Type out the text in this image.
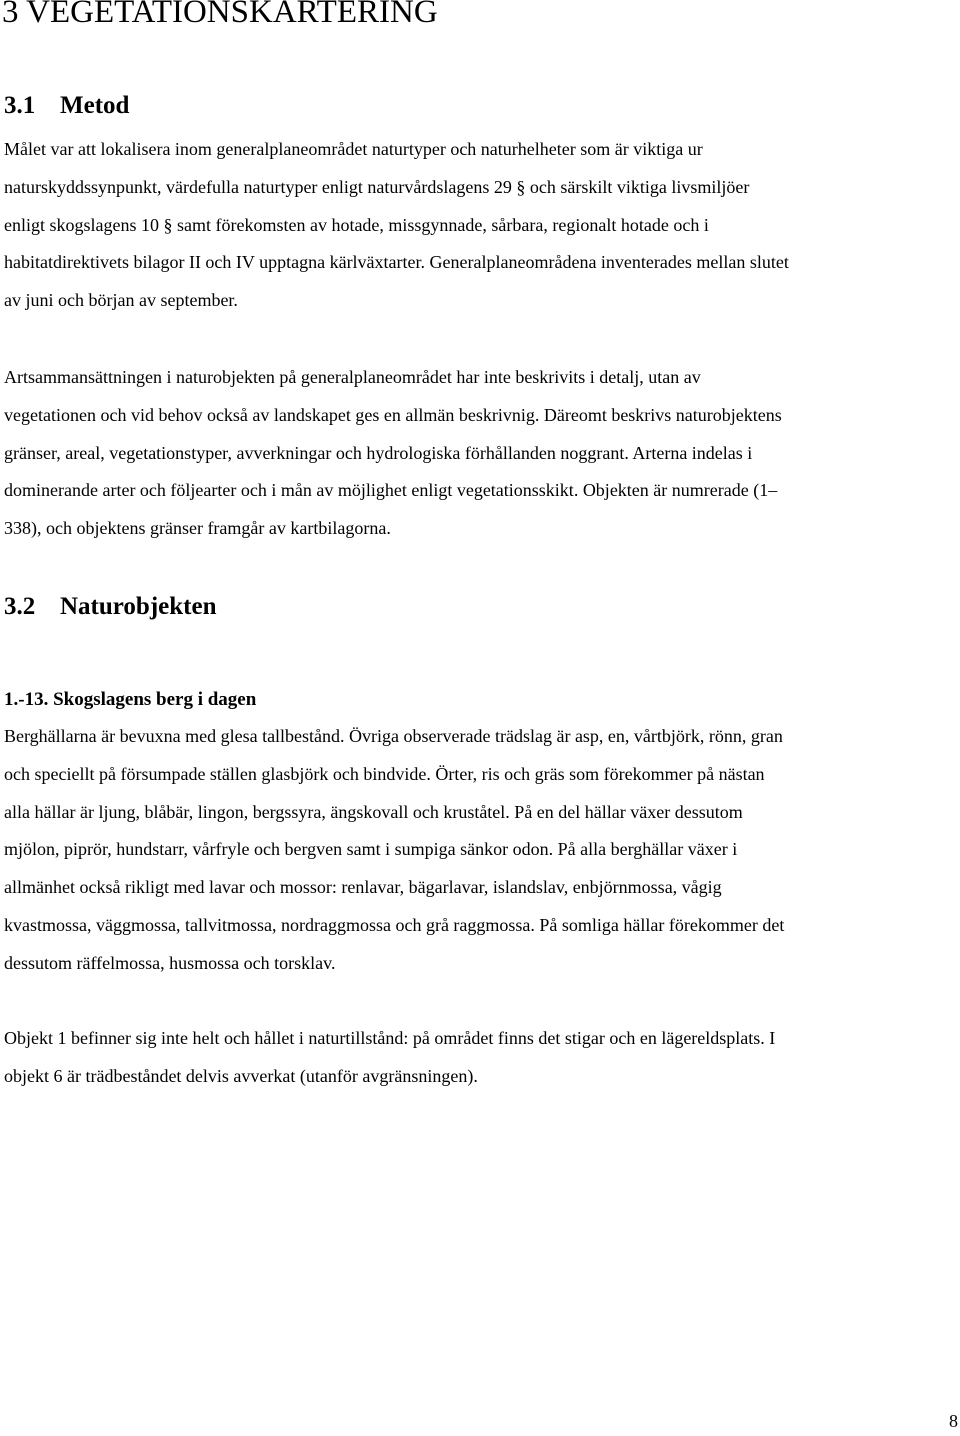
3 VEGETATIONSKARTERING
3.1 Metod
Målet var att lokalisera inom generalplaneområdet naturtyper och naturhelheter som är viktiga ur
naturskyddssynpunkt, värdefulla naturtyper enligt naturvårdslagens 29 § och särskilt viktiga livsmiljöer
enligt skogslagens 10 § samt förekomsten av hotade, missgynnade, sårbara, regionalt hotade och i
habitatdirektivets bilagor II och IV upptagna kärlväxtarter. Generalplaneområdena inventerades mellan slutet
av juni och början av september.
Artsammansättningen i naturobjekten på generalplaneområdet har inte beskrivits i detalj, utan av
vegetationen och vid behov också av landskapet ges en allmän beskrivnig. Däreomt beskrivs naturobjektens
gränser, areal, vegetationstyper, avverkningar och hydrologiska förhållanden noggrant. Arterna indelas i
dominerande arter och följearter och i mån av möjlighet enligt vegetationsskikt. Objekten är numrerade (1–
338), och objektens gränser framgår av kartbilagorna.
3.2 Naturobjekten
1.-13. Skogslagens berg i dagen
Berghällarna är bevuxna med glesa tallbestånd. Övriga observerade trädslag är asp, en, vårtbjörk, rönn, gran
och speciellt på försumpade ställen glasbjörk och bindvide. Örter, ris och gräs som förekommer på nästan
alla hällar är ljung, blåbär, lingon, bergssyra, ängskovall och kruståtel. På en del hällar växer dessutom
mjölon, piprör, hundstarr, vårfryle och bergven samt i sumpiga sänkor odon. På alla berghällar växer i
allmänhet också rikligt med lavar och mossor: renlavar, bägarlavar, islandslav, enbjörnmossa, vågig
kvastmossa, väggmossa, tallvitmossa, nordraggmossa och grå raggmossa. På somliga hällar förekommer det
dessutom räffelmossa, husmossa och torsklav.
Objekt 1 befinner sig inte helt och hållet i naturtillstånd: på området finns det stigar och en lägereldsplats. I
objekt 6 är trädbeståndet delvis avverkat (utanför avgränsningen).
8
